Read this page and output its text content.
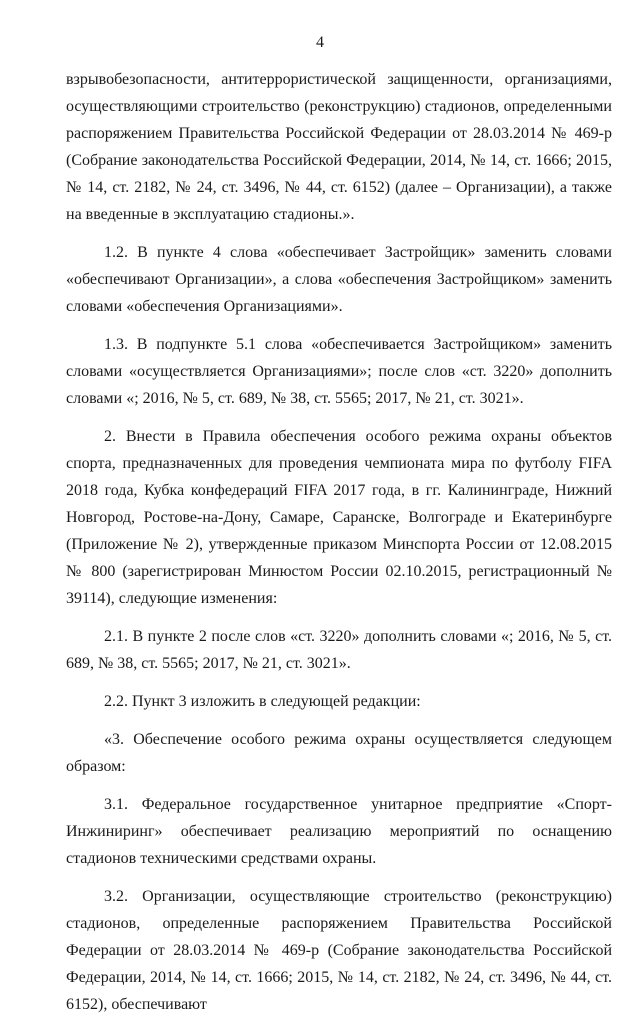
4

взрывобезопасности, антитеррористической защищенности, организациями, осуществляющими строительство (реконструкцию) стадионов, определенными распоряжением Правительства Российской Федерации от 28.03.2014 № 469-р (Собрание законодательства Российской Федерации, 2014, № 14, ст. 1666; 2015, № 14, ст. 2182, № 24, ст. 3496, № 44, ст. 6152) (далее – Организации), а также на введенные в эксплуатацию стадионы.».

1.2. В пункте 4 слова «обеспечивает Застройщик» заменить словами «обеспечивают Организации», а слова «обеспечения Застройщиком» заменить словами «обеспечения Организациями».

1.3. В подпункте 5.1 слова «обеспечивается Застройщиком» заменить словами «осуществляется Организациями»; после слов «ст. 3220» дополнить словами «; 2016, № 5, ст. 689, № 38, ст. 5565; 2017, № 21, ст. 3021».

2. Внести в Правила обеспечения особого режима охраны объектов спорта, предназначенных для проведения чемпионата мира по футболу FIFA 2018 года, Кубка конфедераций FIFA 2017 года, в гг. Калининграде, Нижний Новгород, Ростове-на-Дону, Самаре, Саранске, Волгограде и Екатеринбурге (Приложение № 2), утвержденные приказом Минспорта России от 12.08.2015 № 800 (зарегистрирован Минюстом России 02.10.2015, регистрационный № 39114), следующие изменения:

2.1. В пункте 2 после слов «ст. 3220» дополнить словами «; 2016, № 5, ст. 689, № 38, ст. 5565; 2017, № 21, ст. 3021».

2.2. Пункт 3 изложить в следующей редакции:

«3. Обеспечение особого режима охраны осуществляется следующем образом:

3.1. Федеральное государственное унитарное предприятие «Спорт-Инжиниринг» обеспечивает реализацию мероприятий по оснащению стадионов техническими средствами охраны.

3.2. Организации, осуществляющие строительство (реконструкцию) стадионов, определенные распоряжением Правительства Российской Федерации от 28.03.2014 № 469-р (Собрание законодательства Российской Федерации, 2014, № 14, ст. 1666; 2015, № 14, ст. 2182, № 24, ст. 3496, № 44, ст. 6152), обеспечивают
